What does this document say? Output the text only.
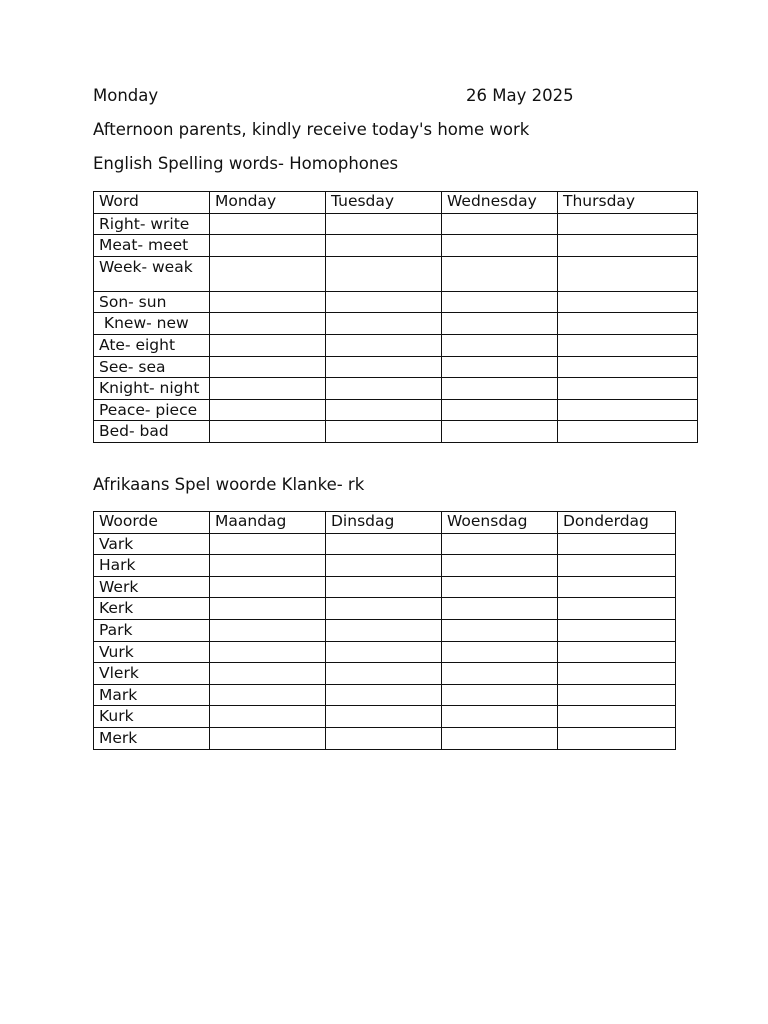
Monday	26 May 2025
Afternoon parents, kindly receive today's home work
English Spelling words- Homophones
Word	Monday	Tuesday	Wednesday	Thursday
Right- write				
Meat- meet				
Week- weak				
Son- sun				
Knew- new				
Ate- eight				
See- sea				
Knight- night				
Peace- piece				
Bed- bad				
Afrikaans Spel woorde Klanke- rk
Woorde	Maandag	Dinsdag	Woensdag	Donderdag
Vark				
Hark				
Werk				
Kerk				
Park				
Vurk				
Vlerk				
Mark				
Kurk				
Merk				
